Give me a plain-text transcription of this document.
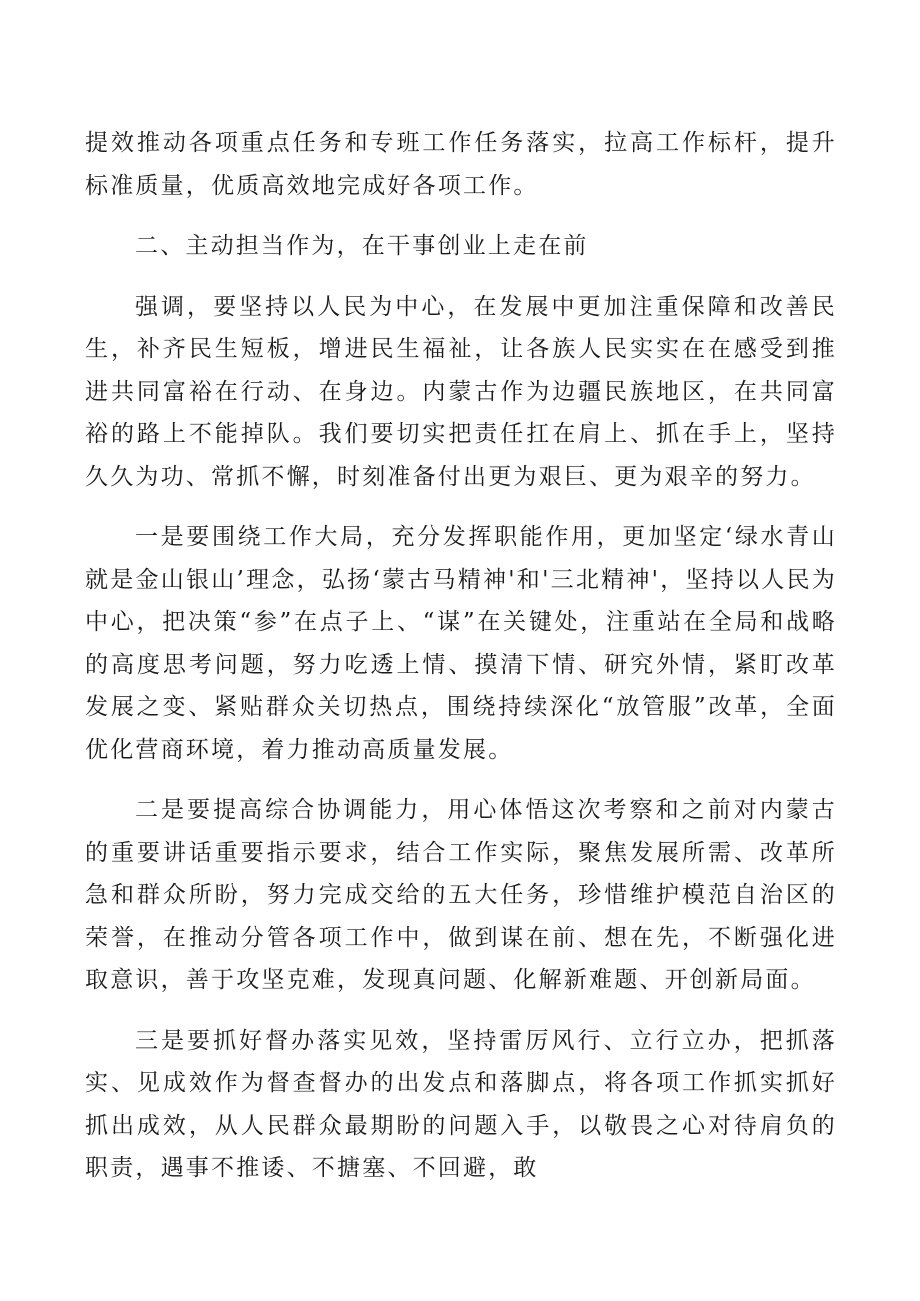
提效推动各项重点任务和专班工作任务落实，拉高工作标杆，提升标准质量，优质高效地完成好各项工作。

二、主动担当作为，在干事创业上走在前

强调，要坚持以人民为中心，在发展中更加注重保障和改善民生，补齐民生短板，增进民生福祉，让各族人民实实在在感受到推进共同富裕在行动、在身边。内蒙古作为边疆民族地区，在共同富裕的路上不能掉队。我们要切实把责任扛在肩上、抓在手上，坚持久久为功、常抓不懈，时刻准备付出更为艰巨、更为艰辛的努力。

一是要围绕工作大局，充分发挥职能作用，更加坚定‘绿水青山就是金山银山’理念，弘扬‘蒙古马精神'和'三北精神'，坚持以人民为中心，把决策“参”在点子上、“谋”在关键处，注重站在全局和战略的高度思考问题，努力吃透上情、摸清下情、研究外情，紧盯改革发展之变、紧贴群众关切热点，围绕持续深化“放管服”改革，全面优化营商环境，着力推动高质量发展。

二是要提高综合协调能力，用心体悟这次考察和之前对内蒙古的重要讲话重要指示要求，结合工作实际，聚焦发展所需、改革所急和群众所盼，努力完成交给的五大任务，珍惜维护模范自治区的荣誉，在推动分管各项工作中，做到谋在前、想在先，不断强化进取意识，善于攻坚克难，发现真问题、化解新难题、开创新局面。

三是要抓好督办落实见效，坚持雷厉风行、立行立办，把抓落实、见成效作为督查督办的出发点和落脚点，将各项工作抓实抓好抓出成效，从人民群众最期盼的问题入手，以敬畏之心对待肩负的职责，遇事不推诿、不搪塞、不回避，敢
